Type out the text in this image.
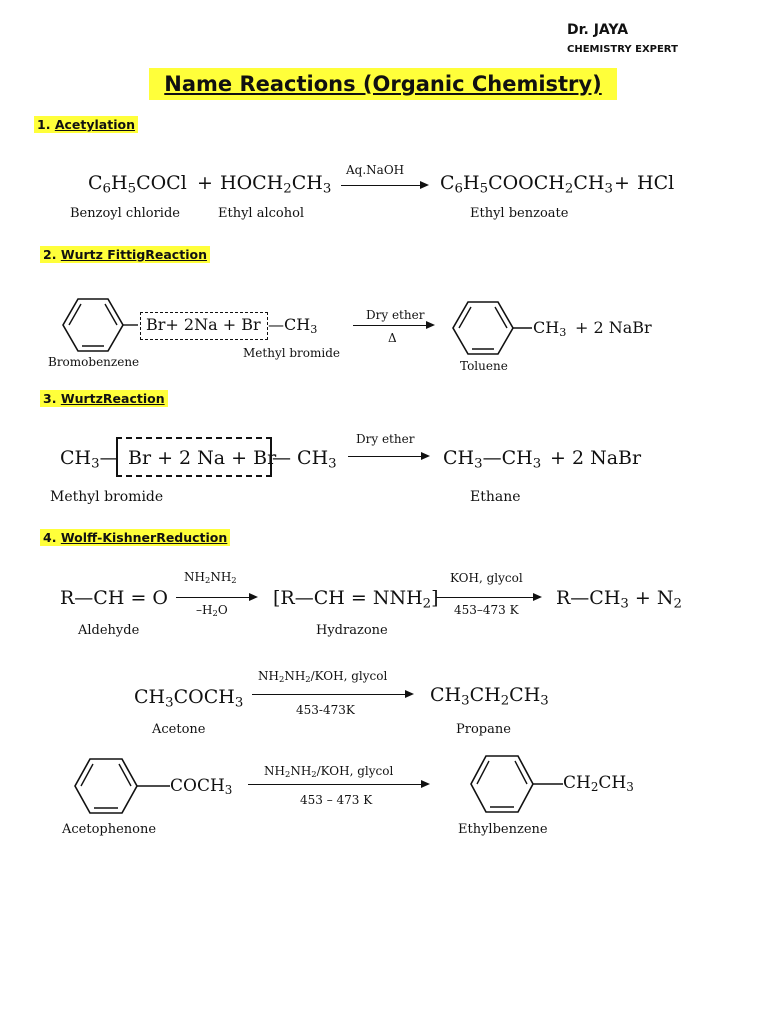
Dr. JAYA
CHEMISTRY EXPERT
Name Reactions (Organic Chemistry)
1. Acetylation
$C_6H_5COCl$ + $HOCH_2CH_3$
Aq.NaOH
$C_6H_5COOCH_2CH_3$ + HCl
Benzoyl chloride	Ethyl alcohol	Ethyl benzoate
2. Wurtz FittigReaction
Br+ 2Na + Br $—CH_3$
Dry ether
Δ
$CH_3 + 2$ NaBr
Bromobenzene
Methyl bromide
Toluene
3. WurtzReaction
$CH_3—$ Br + 2 Na + Br
— $CH_3$
Dry ether
$CH_3—CH_3 + 2$ NaBr
Methyl bromide	Ethane
4. Wolff-KishnerReduction
R—CH = O
$NH_2NH_2$
$-H_2O$
[R—CH = $NNH_2$]
KOH, glycol
453–473 K
$R—CH_3 + N_2$
Aldehyde	Hydrazone
$CH_3COCH_3$
$NH_2NH_2$/KOH, glycol
453-473K
$CH_3CH_2CH_3$
Acetone	Propane
$COCH_3$
$NH_2NH_2$/KOH, glycol
453 – 473 K
$CH_2CH_3$
Acetophenone	Ethylbenzene
